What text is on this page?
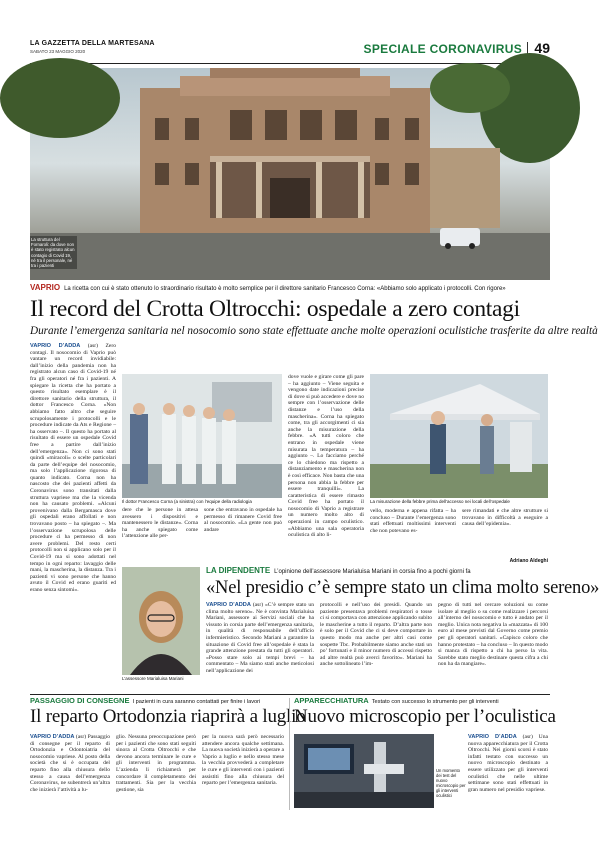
LA GAZZETTA DELLA MARTESANA
SABATO 23 MAGGIO 2020	SPECIALE CORONAVIRUS 49
La struttura del Fornaroli: da dove non è stato registrato alcun contagio di Covid 19, né tra il personale, né tra i pazienti
VAPRIO La ricetta con cui è stato ottenuto lo straordinario risultato è molto semplice per il direttore sanitario Francesco Corna: «Abbiamo solo applicato i protocolli. Con rigore»
Il record del Crotta Oltrocchi: ospedale a zero contagi
Durante l’emergenza sanitaria nel nosocomio sono state effettuate anche molte operazioni oculistiche trasferite da altre realtà
VAPRIO D’ADDA (asr) Zero contagi. Il nosocomio di Vaprio può vantare un record invidiabile: dall’inizio della pandemia non ha registrato alcun caso di Covid-19 né fra gli operatori né fra i pazienti. A spiegare la ricetta che ha portato a questo risultato esemplare è il direttore sanitario della struttura, il dottor Francesco Corna. «Non abbiamo fatto altro che seguire scrupolosamente i protocolli e le procedure indicate da Ats e Regione – ha osservato –. Il questo ha portato al risultato di essere un ospedale Covid free a partire dall’inizio dell’emergenza». Non ci sono stati quindi «miracoli» o scelte particolari da parte dell’equipe del nosocomio, ma solo l’applicazione rigorosa di quanto indicato. Corna non ha nascosto che dei pazienti affetti da Coronavirus sono transitati dalla struttura vapriese ma che la vicenda non ha causato problemi. «Alcuni provenivano dalla Bergamasca dove gli ospedali erano affollati e non trovavano posto – ha spiegato –. Ma l’osservazione scrupolosa delle procedure ci ha permesso di non avere problemi. Del resto certi protocolli non si applicano solo per il Covid-19 ma si sono adottati nel tempo in ogni reparto: lavaggio delle mani, la mascherina, la distanza. Tra i pazienti vi sono persone che hanno avuto il Covid ed erano guariti ed erano senza sintomi».
Il dottor Francesco Corna (a sinistra) con l’equipe della radiologia
dere che le persone in attesa avessero i dispositivi e mantenessero le distanze». Corna ha anche spiegato come l’attenzione alle per-
sone che entravano in ospedale ha permesso di rimanere Covid free al nosocomio. «La gente non può andare
dove vuole e girare come gli pare – ha aggiunto – Viene seguita e vengono date indicazioni precise di dove si può accedere e dove no sempre con l’osservazione delle distanze e l’uso della mascherina». Corna ha spiegato come, tra gli accorgimenti ci sia anche la misurazione della febbre. «A tutti coloro che entrano in ospedale viene misurata la temperatura – ha aggiunto –. Lo facciamo perché ce lo chiedono ma rispetto a distanziamento e mascherina non è così efficace. Non basta che una persona non abbia la febbre per essere tranquilli». La caratteristica di essere rimasto Covid free ha portato il nosocomio di Vaprio a registrare un numero molto alto di operazioni in campo oculistico. «Abbiamo una sala operatoria oculistica di alto li-
La misurazione della febbre prima dell’accesso nei locali dell’ospedale
vello, moderna e appena rifatta – ha concluso – Durante l’emergenza sono stati effettuati moltissimi interventi che non potevano es-
sere rimandati e che altre strutture si trovavano in difficoltà a eseguire a causa dell’epidemia».
Adriano Aldeghi
LA DIPENDENTE L’opinione dell’assessore Marialuisa Mariani in corsia fino a pochi giorni fa
«Nel presidio c’è sempre stato un clima molto sereno»
L’assessore Marialuisa Mariani
VAPRIO D’ADDA (asr) «C’è sempre stato un clima molto sereno». Ne è convinta Marialuisa Mariani, assessore ai Servizi sociali che ha vissuto in corsia parte dell’emergenza sanitaria, in qualità di responsabile dell’ufficio infermieristico. Secondo Mariani a garantire la situazione di Covid free all’ospedale è stata la grande attenzione prestata da tutti gli operatori. «Posso stare solo ai tempi brevi – ha commentato – Ma siamo stati anche meticolosi nell’applicazione dei
protocolli e nell’uso dei presidi. Quando un paziente presentava problemi respiratori o tosse ci si comportava con attenzione applicando subito le mascherine a tutto il reparto. D’altra parte non è solo per il Covid che ci si deve comportare in questo modo ma anche per altri casi come sospette Tbc. Probabilmente siamo anche stati un po’ fortunati e il minor numero di accessi rispetto ad altre realtà può averci favorito». Mariani ha anche sottolineato l’im-
pegno di tutti nel cercare soluzioni su come isolare al meglio o su come realizzare i percorsi all’interno del nosocomio e tutto è andato per il meglio. Unica nota negativa la «mazzata» di 100 euro al mese previsti dal Governo come premio per gli operatori sanitari. «Capisco coloro che hanno protestato – ha concluso – In questo modo si manca di rispetto a chi ha perso la vita. Sarebbe stato meglio destinare questa cifra a chi non ha da mangiare».
PASSAGGIO DI CONSEGNE I pazienti in cura saranno contattati per finire i lavori
Il reparto Ortodonzia riaprirà a luglio
VAPRIO D’ADDA (asr) Passaggio di consegne per il reparto di Ortodonzia e Odontoiatria del nosocomio vapriese. Al posto della società che si è occupata del reparto fino alla chiusura dello stesso a causa dell’emergenza Coronavirus, ne subentrerà un’altra che inizierà l’attività a lu-
glio. Nessuna preoccupazione però per i pazienti che sono stati seguiti sinora al Crotta Oltrocchi e che devono ancora terminare le cure e gli interventi in programma. L’azienda li richiamerà per concordare il completamento dei trattamenti. Sia per la vecchia gestione, sia
per la nuova sarà però necessario attendere ancora qualche settimana. La nuova società inizierà a operare a Vaprio a luglio e nello stesso mese la vecchia provvederà a completare le cure e gli interventi con i pazienti assistiti fino alla chiusura del reparto per l’emergenza sanitaria.
APPARECCHIATURA Testato con successo lo strumento per gli interventi
Nuovo microscopio per l’oculistica
Un momento dei test del nuovo microscopio per gli interventi oculistici
VAPRIO D’ADDA (asr) Una nuova apparecchiatura per il Crotta Oltrocchi. Nei giorni scorsi è stato infatti testato con successo un nuovo microscopio destinato a essere utilizzato per gli interventi oculistici che nelle ultime settimane sono stati effettuati in gran numero nel presidio vapriese.
